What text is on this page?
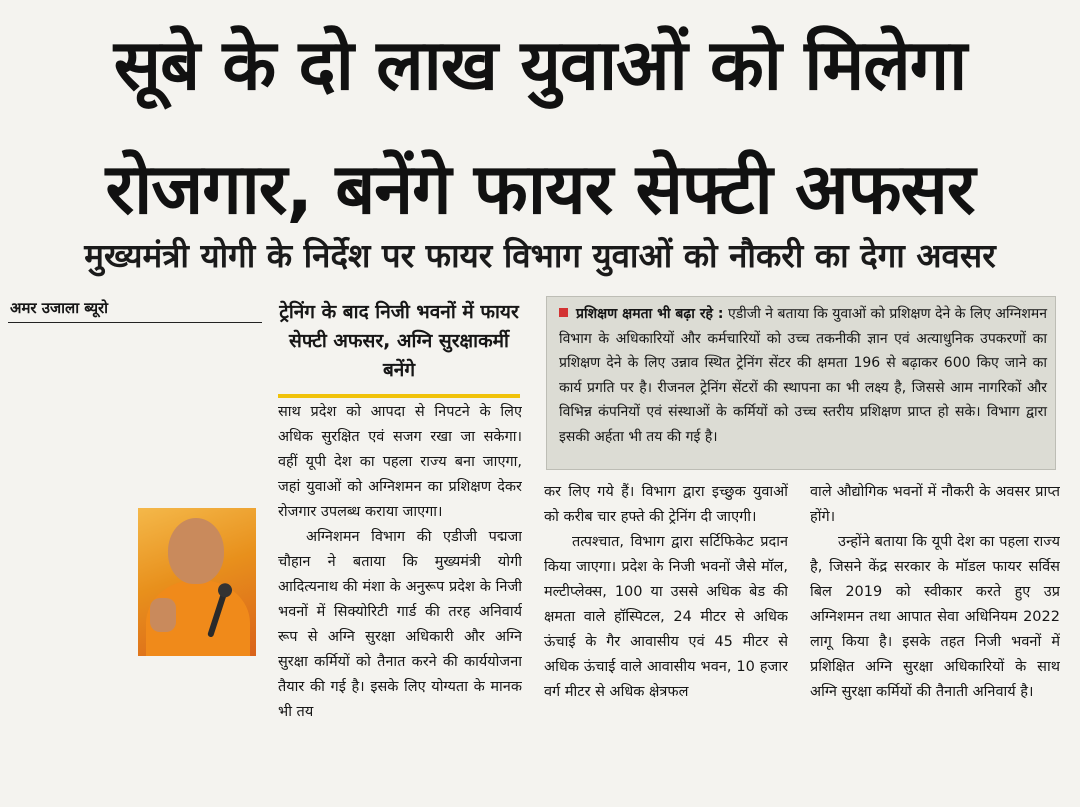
सूबे के दो लाख युवाओं को मिलेगा
रोजगार, बनेंगे फायर सेफ्टी अफसर
मुख्यमंत्री योगी के निर्देश पर फायर विभाग युवाओं को नौकरी का देगा अवसर
अमर उजाला ब्यूरो	ट्रेनिंग के बाद निजी भवनों में फायर सेफ्टी अफसर, अग्नि सुरक्षाकर्मी बनेंगे

साथ प्रदेश को आपदा से निपटने के लिए अधिक सुरक्षित एवं सजग रखा जा सकेगा। वहीं यूपी देश का पहला राज्य बना जाएगा, जहां युवाओं को अग्निशमन का प्रशिक्षण देकर रोजगार उपलब्ध कराया जाएगा।

अग्निशमन विभाग की एडीजी पद्मजा चौहान ने बताया कि मुख्यमंत्री योगी आदित्यनाथ की मंशा के अनुरूप प्रदेश के निजी भवनों में सिक्योरिटी गार्ड की तरह अनिवार्य रूप से अग्नि सुरक्षा अधिकारी और अग्नि सुरक्षा कर्मियों को तैनात करने की कार्ययोजना तैयार की गई है। इसके लिए योग्यता के मानक भी तय

प्रशिक्षण क्षमता भी बढ़ा रहे : एडीजी ने बताया कि युवाओं को प्रशिक्षण देने के लिए अग्निशमन विभाग के अधिकारियों और कर्मचारियों को उच्च तकनीकी ज्ञान एवं अत्याधुनिक उपकरणों का प्रशिक्षण देने के लिए उन्नाव स्थित ट्रेनिंग सेंटर की क्षमता 196 से बढ़ाकर 600 किए जाने का कार्य प्रगति पर है। रीजनल ट्रेनिंग सेंटरों की स्थापना का भी लक्ष्य है, जिससे आम नागरिकों और विभिन्न कंपनियों एवं संस्थाओं के कर्मियों को उच्च स्तरीय प्रशिक्षण प्राप्त हो सके। विभाग द्वारा इसकी अर्हता भी तय की गई है।

कर लिए गये हैं। विभाग द्वारा इच्छुक युवाओं को करीब चार हफ्ते की ट्रेनिंग दी जाएगी।

तत्पश्चात, विभाग द्वारा सर्टिफिकेट प्रदान किया जाएगा। प्रदेश के निजी भवनों जैसे मॉल, मल्टीप्लेक्स, 100 या उससे अधिक बेड की क्षमता वाले हॉस्पिटल, 24 मीटर से अधिक ऊंचाई के गैर आवासीय एवं 45 मीटर से अधिक ऊंचाई वाले आवासीय भवन, 10 हजार वर्ग मीटर से अधिक क्षेत्रफल

वाले औद्योगिक भवनों में नौकरी के अवसर प्राप्त होंगे।

उन्होंने बताया कि यूपी देश का पहला राज्य है, जिसने केंद्र सरकार के मॉडल फायर सर्विस बिल 2019 को स्वीकार करते हुए उप्र अग्निशमन तथा आपात सेवा अधिनियम 2022 लागू किया है। इसके तहत निजी भवनों में प्रशिक्षित अग्नि सुरक्षा अधिकारियों के साथ अग्नि सुरक्षा कर्मियों की तैनाती अनिवार्य है।
